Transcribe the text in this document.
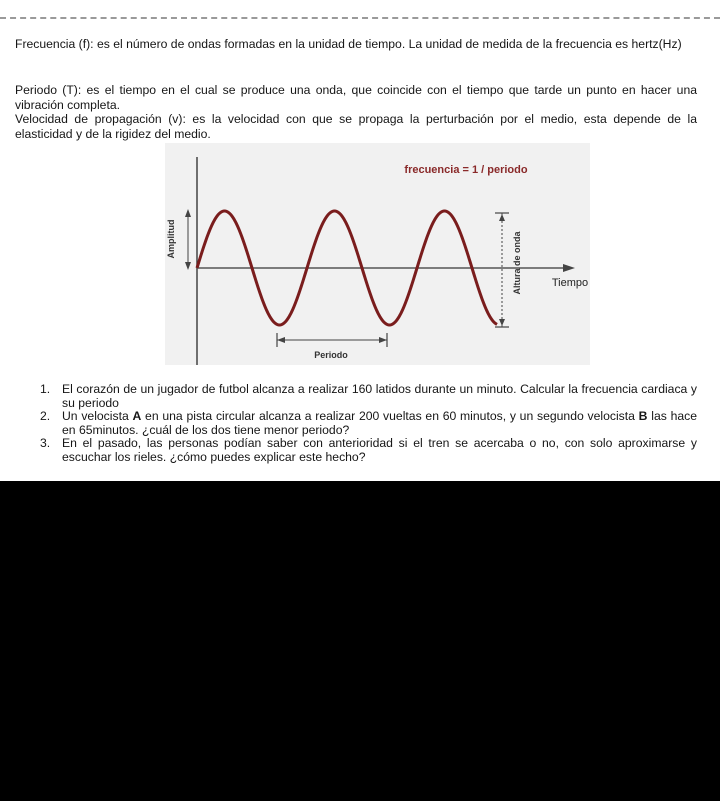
Frecuencia (f): es el número de ondas formadas en la unidad de tiempo. La unidad de medida de la frecuencia es hertz(Hz)

Periodo (T): es el tiempo en el cual se produce una onda, que coincide con el tiempo que tarde un punto en hacer una vibración completa.

Velocidad de propagación (v): es la velocidad con que se propaga la perturbación por el medio, esta depende de la elasticidad y de la rigidez del medio.

Amplitud	Altura de onda
frecuencia = 1 / periodo
Tiempo
Periodo
1. El corazón de un jugador de futbol alcanza a realizar 160 latidos durante un minuto. Calcular la frecuencia cardiaca y su periodo
2. Un velocista A en una pista circular alcanza a realizar 200 vueltas en 60 minutos, y un segundo velocista B las hace en 65minutos. ¿cuál de los dos tiene menor periodo?
3. En el pasado, las personas podían saber con anterioridad si el tren se acercaba o no, con solo aproximarse y escuchar los rieles. ¿cómo puedes explicar este hecho?
